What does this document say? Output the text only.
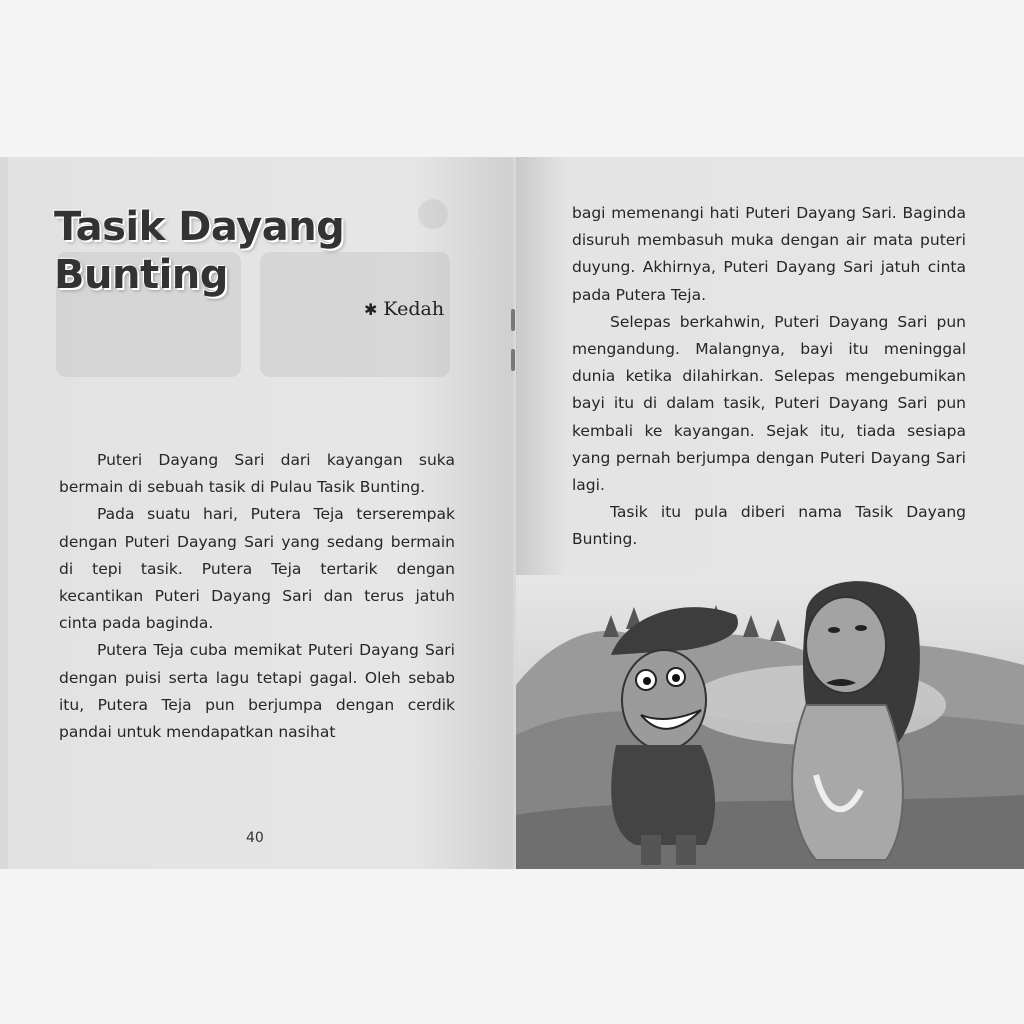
Tasik Dayang
Bunting
✱ Kedah

Puteri Dayang Sari dari kayangan suka bermain di sebuah tasik di Pulau Tasik Bunting.

Pada suatu hari, Putera Teja terserempak dengan Puteri Dayang Sari yang sedang bermain di tepi tasik. Putera Teja tertarik dengan kecantikan Puteri Dayang Sari dan terus jatuh cinta pada baginda.

Putera Teja cuba memikat Puteri Dayang Sari dengan puisi serta lagu tetapi gagal. Oleh sebab itu, Putera Teja pun berjumpa dengan cerdik pandai untuk mendapatkan nasihat

40

bagi memenangi hati Puteri Dayang Sari. Baginda disuruh membasuh muka dengan air mata puteri duyung. Akhirnya, Puteri Dayang Sari jatuh cinta pada Putera Teja.

Selepas berkahwin, Puteri Dayang Sari pun mengandung. Malangnya, bayi itu meninggal dunia ketika dilahirkan. Selepas mengebumikan bayi itu di dalam tasik, Puteri Dayang Sari pun kembali ke kayangan. Sejak itu, tiada sesiapa yang pernah berjumpa dengan Puteri Dayang Sari lagi.

Tasik itu pula diberi nama Tasik Dayang Bunting.
